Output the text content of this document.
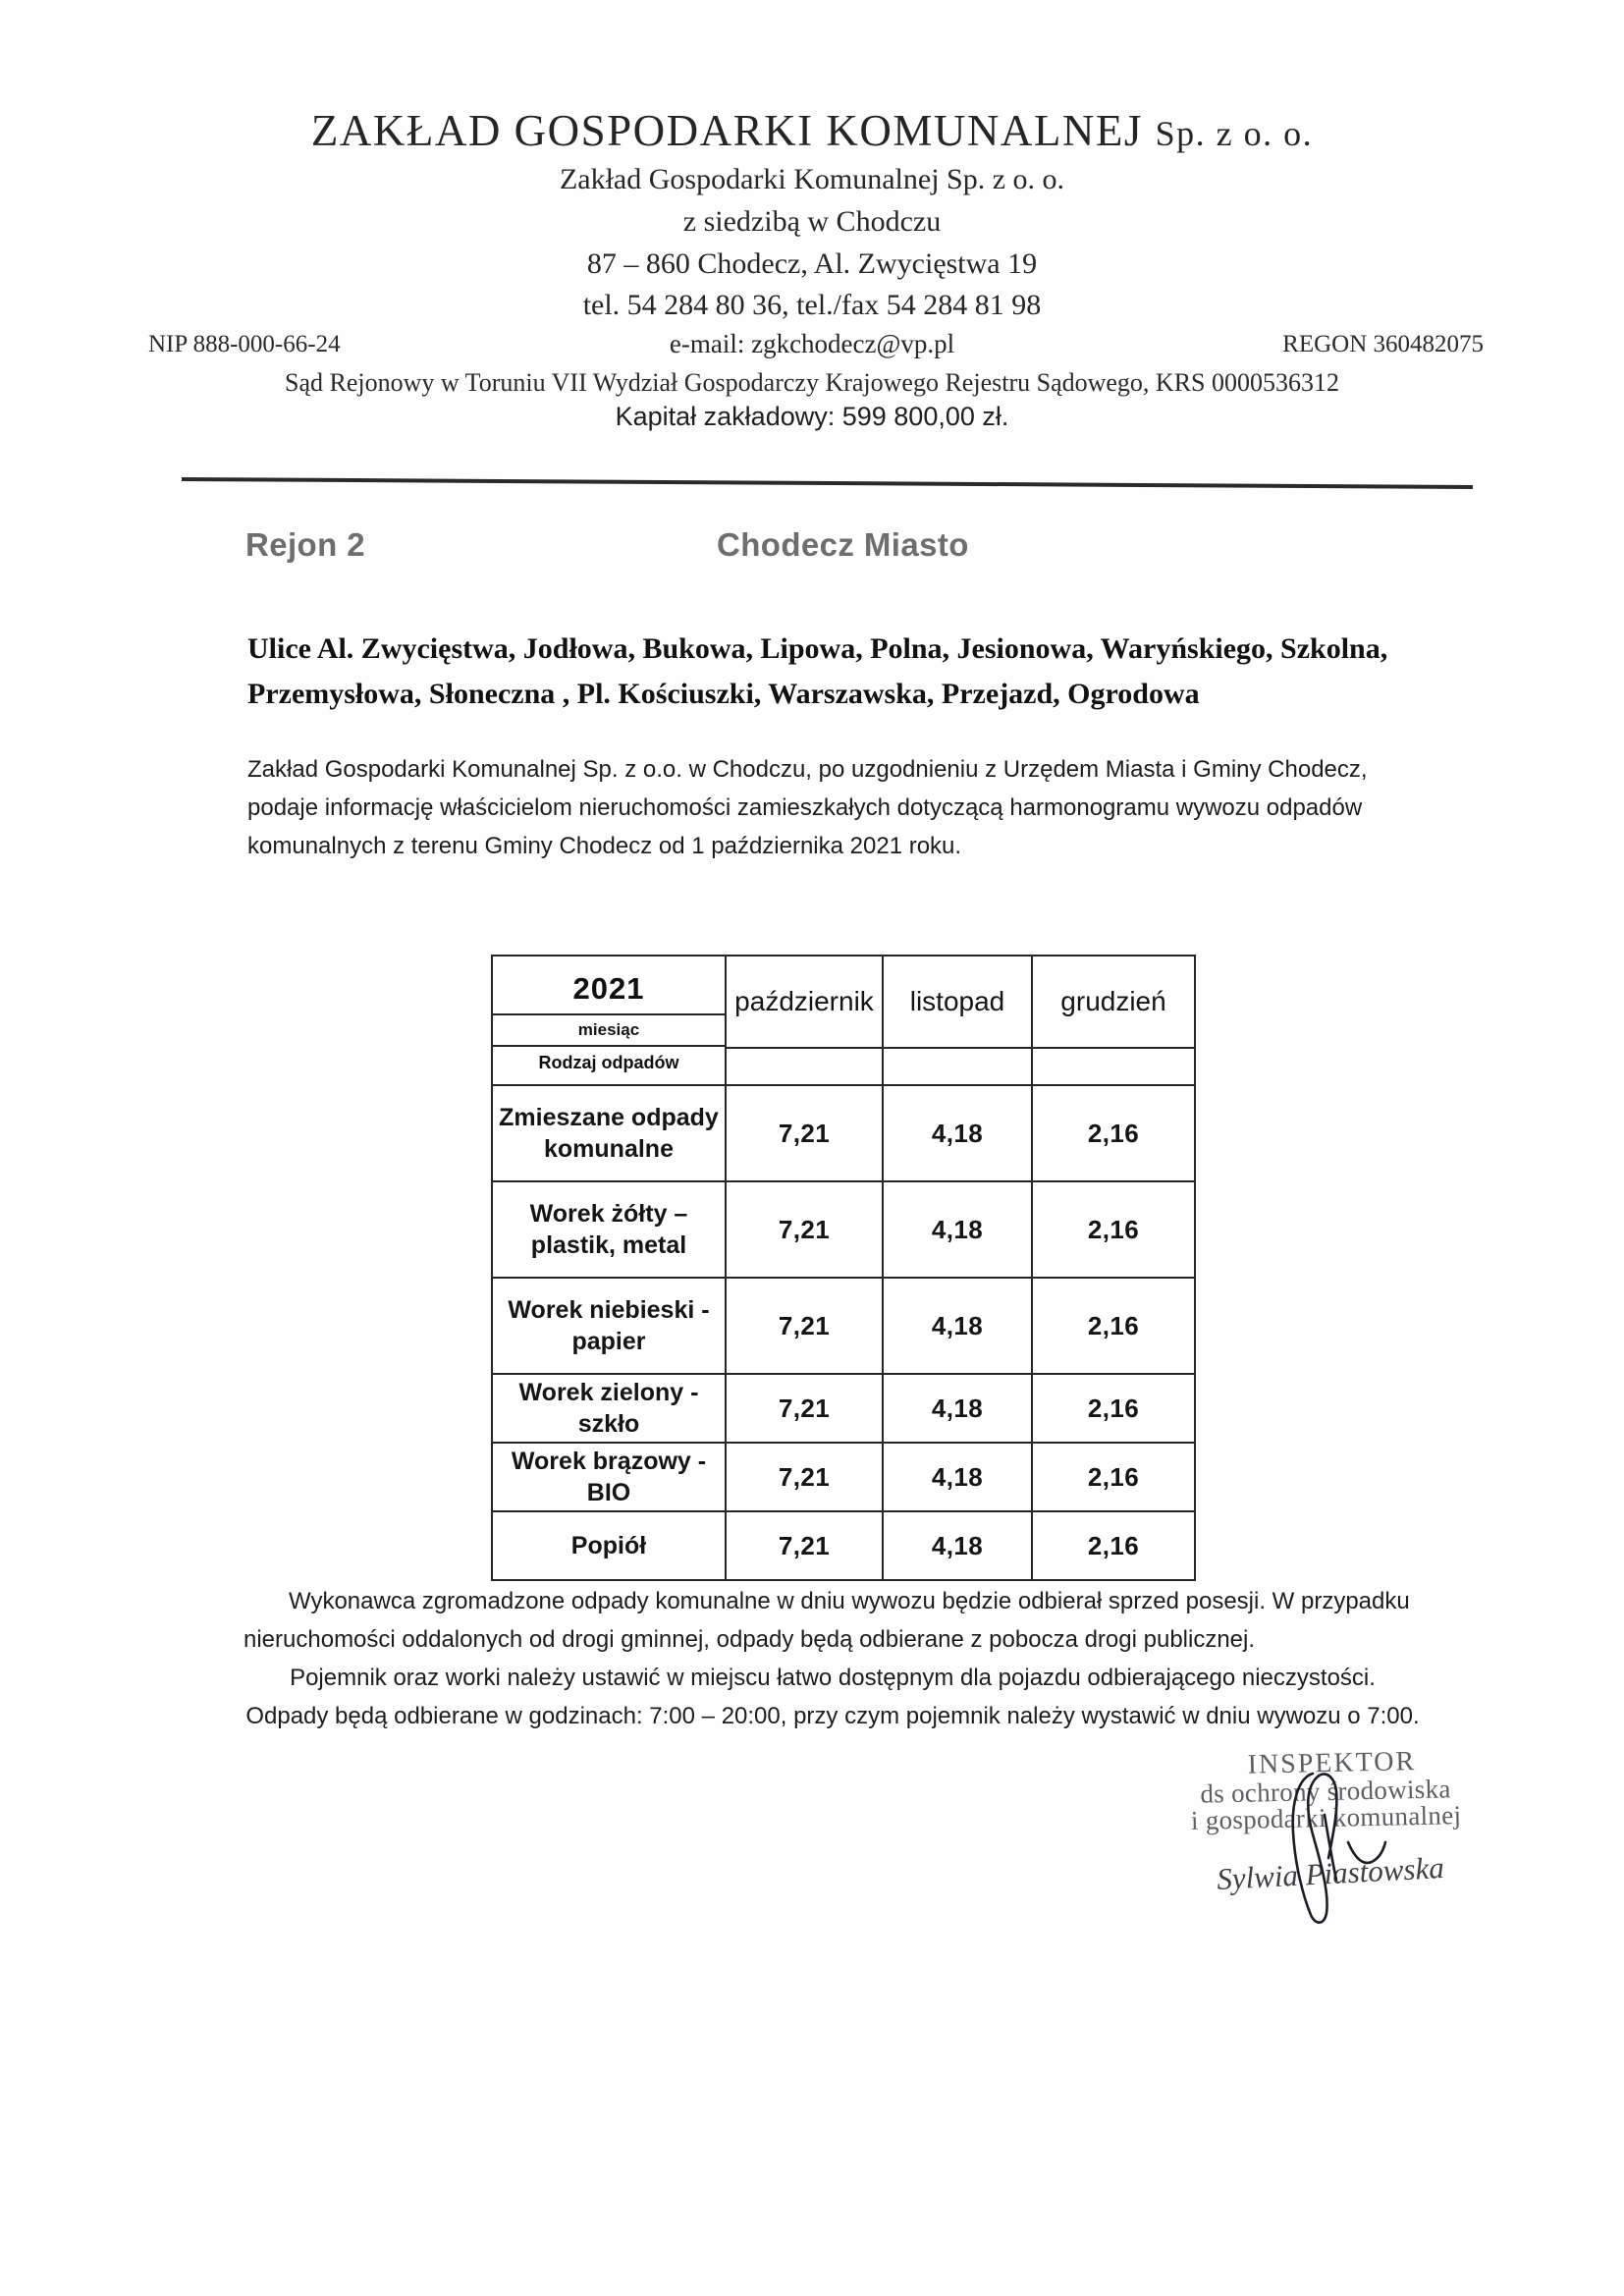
ZAKŁAD GOSPODARKI KOMUNALNEJ Sp. z o. o.
Zakład Gospodarki Komunalnej Sp. z o. o.
z siedzibą w Chodczu
87 – 860 Chodecz, Al. Zwycięstwa 19
tel. 54 284 80 36, tel./fax 54 284 81 98
NIP 888-000-66-24	e-mail: zgkchodecz@vp.pl	REGON 360482075
Sąd Rejonowy w Toruniu VII Wydział Gospodarczy Krajowego Rejestru Sądowego, KRS 0000536312
Kapitał zakładowy: 599 800,00 zł.
Rejon 2	Chodecz Miasto
Ulice Al. Zwycięstwa, Jodłowa, Bukowa, Lipowa, Polna, Jesionowa, Waryńskiego, Szkolna, Przemysłowa, Słoneczna , Pl. Kościuszki, Warszawska, Przejazd, Ogrodowa
Zakład Gospodarki Komunalnej Sp. z o.o. w Chodczu, po uzgodnieniu z Urzędem Miasta i Gminy Chodecz, podaje informację właścicielom nieruchomości zamieszkałych dotyczącą harmonogramu wywozu odpadów komunalnych z terenu Gminy Chodecz od 1 października 2021 roku.
2021
miesiąc
Rodzaj odpadów	październik	listopad	grudzień

Zmieszane odpady komunalne	7,21	4,18	2,16
Worek żółty – plastik, metal	7,21	4,18	2,16
Worek niebieski - papier	7,21	4,18	2,16
Worek zielony - szkło	7,21	4,18	2,16
Worek brązowy - BIO	7,21	4,18	2,16
Popiół	7,21	4,18	2,16

Wykonawca zgromadzone odpady komunalne w dniu wywozu będzie odbierał sprzed posesji. W przypadku nieruchomości oddalonych od drogi gminnej, odpady będą odbierane z pobocza drogi publicznej.

Pojemnik oraz worki należy ustawić w miejscu łatwo dostępnym dla pojazdu odbierającego nieczystości.

Odpady będą odbierane w godzinach: 7:00 – 20:00, przy czym pojemnik należy wystawić w dniu wywozu o 7:00.

INSPEKTOR
ds ochrony środowiska
i gospodarki komunalnej
Sylwia Piastowska
